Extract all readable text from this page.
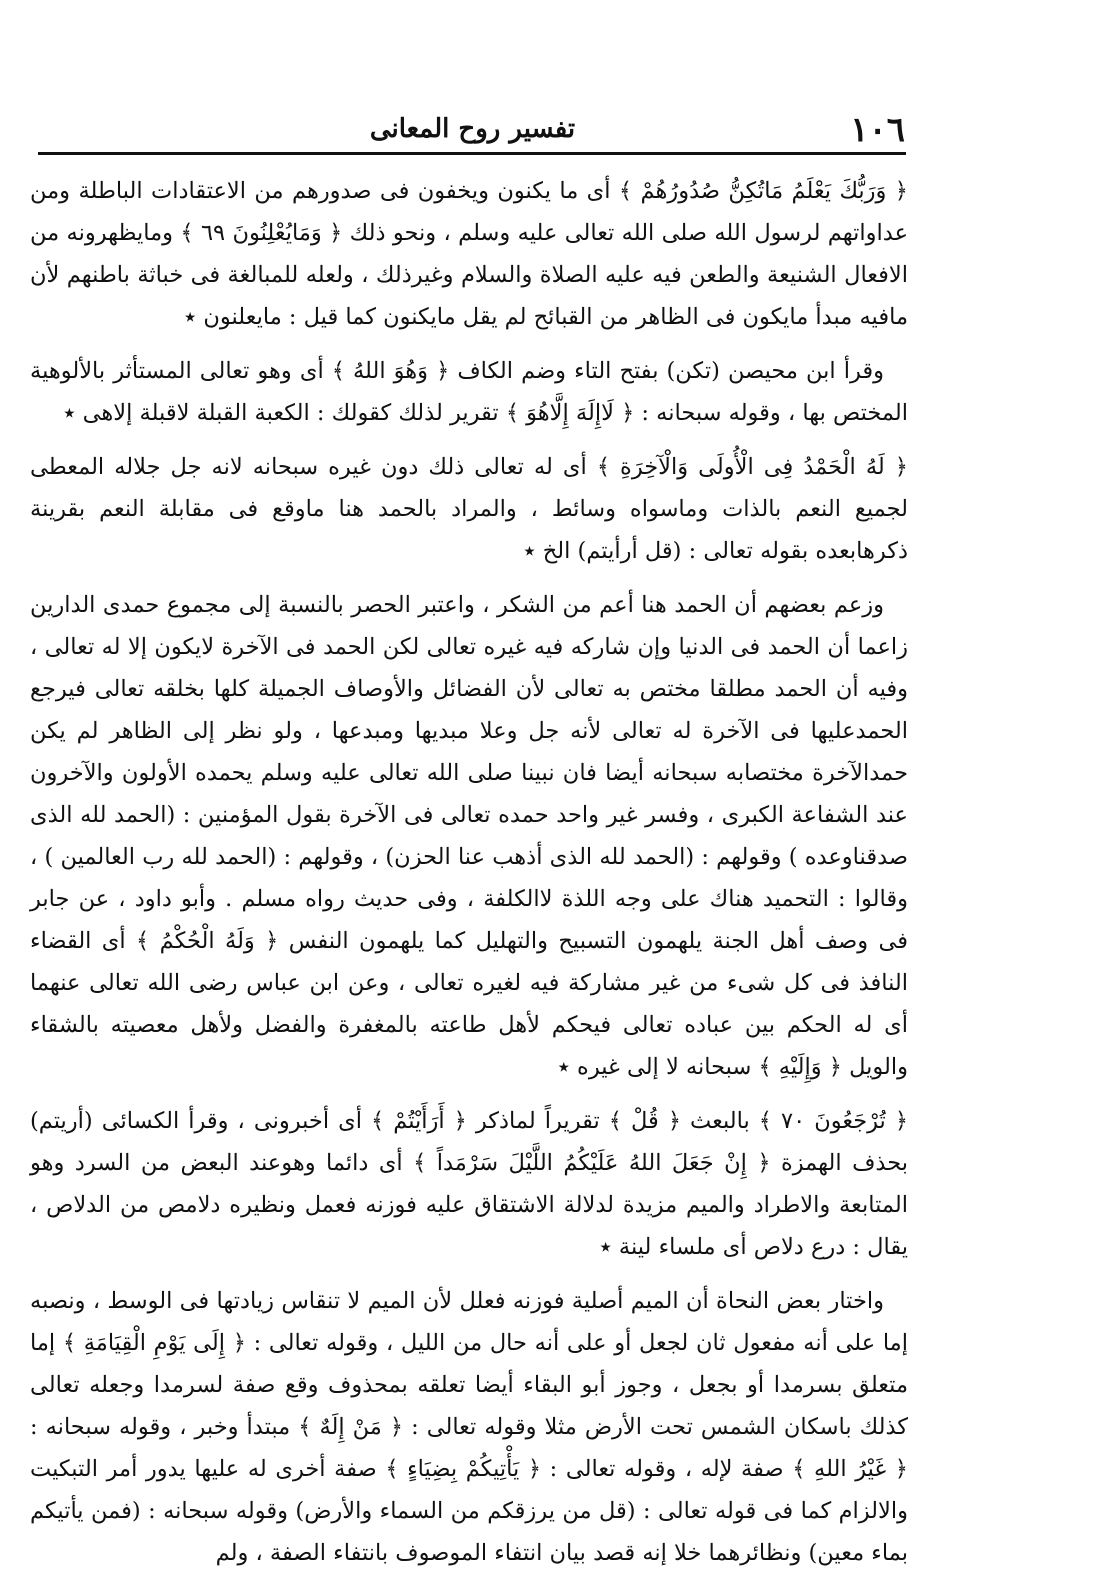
١٠٦
تفسير روح المعانى

﴿ وَرَبُّكَ يَعْلَمُ مَاتُكِنُّ صُدُورُهُمْ ﴾ أى ما يكنون ويخفون فى صدورهم من الاعتقادات الباطلة ومن عداواتهم لرسول الله صلى الله تعالى عليه وسلم ، ونحو ذلك ﴿ وَمَايُعْلِنُونَ ٦٩ ﴾ ومايظهرونه من الافعال الشنيعة والطعن فيه عليه الصلاة والسلام وغيرذلك ، ولعله للمبالغة فى خباثة باطنهم لأن مافيه مبدأ مايكون فى الظاهر من القبائح لم يقل مايكنون كما قيل : مايعلنون ٭

وقرأ ابن محيصن (تكن) بفتح التاء وضم الكاف ﴿ وَهُوَ اللهُ ﴾ أى وهو تعالى المستأثر بالألوهية المختص بها ، وقوله سبحانه : ﴿ لَاإِلَهَ إِلَّاهُوَ ﴾ تقرير لذلك كقولك : الكعبة القبلة لاقبلة إلاهى ٭

﴿ لَهُ الْحَمْدُ فِى الْأُولَى وَالْآخِرَةِ ﴾ أى له تعالى ذلك دون غيره سبحانه لانه جل جلاله المعطى لجميع النعم بالذات وماسواه وسائط ، والمراد بالحمد هنا ماوقع فى مقابلة النعم بقرينة ذكرهابعده بقوله تعالى : (قل أرأيتم) الخ ٭

وزعم بعضهم أن الحمد هنا أعم من الشكر ، واعتبر الحصر بالنسبة إلى مجموع حمدى الدارين زاعما أن الحمد فى الدنيا وإن شاركه فيه غيره تعالى لكن الحمد فى الآخرة لايكون إلا له تعالى ، وفيه أن الحمد مطلقا مختص به تعالى لأن الفضائل والأوصاف الجميلة كلها بخلقه تعالى فيرجع الحمدعليها فى الآخرة له تعالى لأنه جل وعلا مبديها ومبدعها ، ولو نظر إلى الظاهر لم يكن حمدالآخرة مختصابه سبحانه أيضا فان نبينا صلى الله تعالى عليه وسلم يحمده الأولون والآخرون عند الشفاعة الكبرى ، وفسر غير واحد حمده تعالى فى الآخرة بقول المؤمنين : (الحمد لله الذى صدقناوعده ) وقولهم : (الحمد لله الذى أذهب عنا الحزن) ، وقولهم : (الحمد لله رب العالمين ) ، وقالوا : التحميد هناك على وجه اللذة لاالكلفة ، وفى حديث رواه مسلم . وأبو داود ، عن جابر فى وصف أهل الجنة يلهمون التسبيح والتهليل كما يلهمون النفس ﴿ وَلَهُ الْحُكْمُ ﴾ أى القضاء النافذ فى كل شىء من غير مشاركة فيه لغيره تعالى ، وعن ابن عباس رضى الله تعالى عنهما أى له الحكم بين عباده تعالى فيحكم لأهل طاعته بالمغفرة والفضل ولأهل معصيته بالشقاء والويل ﴿ وَإِلَيْهِ ﴾ سبحانه لا إلى غيره ٭

﴿ تُرْجَعُونَ ٧٠ ﴾ بالبعث ﴿ قُلْ ﴾ تقريراً لماذكر ﴿ أَرَأَيْتُمْ ﴾ أى أخبرونى ، وقرأ الكسائى (أريتم) بحذف الهمزة ﴿ إِنْ جَعَلَ اللهُ عَلَيْكُمُ اللَّيْلَ سَرْمَداً ﴾ أى دائما وهوعند البعض من السرد وهو المتابعة والاطراد والميم مزيدة لدلالة الاشتقاق عليه فوزنه فعمل ونظيره دلامص من الدلاص ، يقال : درع دلاص أى ملساء لينة ٭

واختار بعض النحاة أن الميم أصلية فوزنه فعلل لأن الميم لا تنقاس زيادتها فى الوسط ، ونصبه إما على أنه مفعول ثان لجعل أو على أنه حال من الليل ، وقوله تعالى : ﴿ إِلَى يَوْمِ الْقِيَامَةِ ﴾ إما متعلق بسرمدا أو بجعل ، وجوز أبو البقاء أيضا تعلقه بمحذوف وقع صفة لسرمدا وجعله تعالى كذلك باسكان الشمس تحت الأرض مثلا وقوله تعالى : ﴿ مَنْ إِلَهٌ ﴾ مبتدأ وخبر ، وقوله سبحانه : ﴿ غَيْرُ اللهِ ﴾ صفة لإله ، وقوله تعالى : ﴿ يَأْتِيكُمْ بِضِيَاءٍ ﴾ صفة أخرى له عليها يدور أمر التبكيت والالزام كما فى قوله تعالى : (قل من يرزقكم من السماء والأرض) وقوله سبحانه : (فمن يأتيكم بماء معين) ونظائرهما خلا إنه قصد بيان انتفاء الموصوف بانتفاء الصفة ، ولم
